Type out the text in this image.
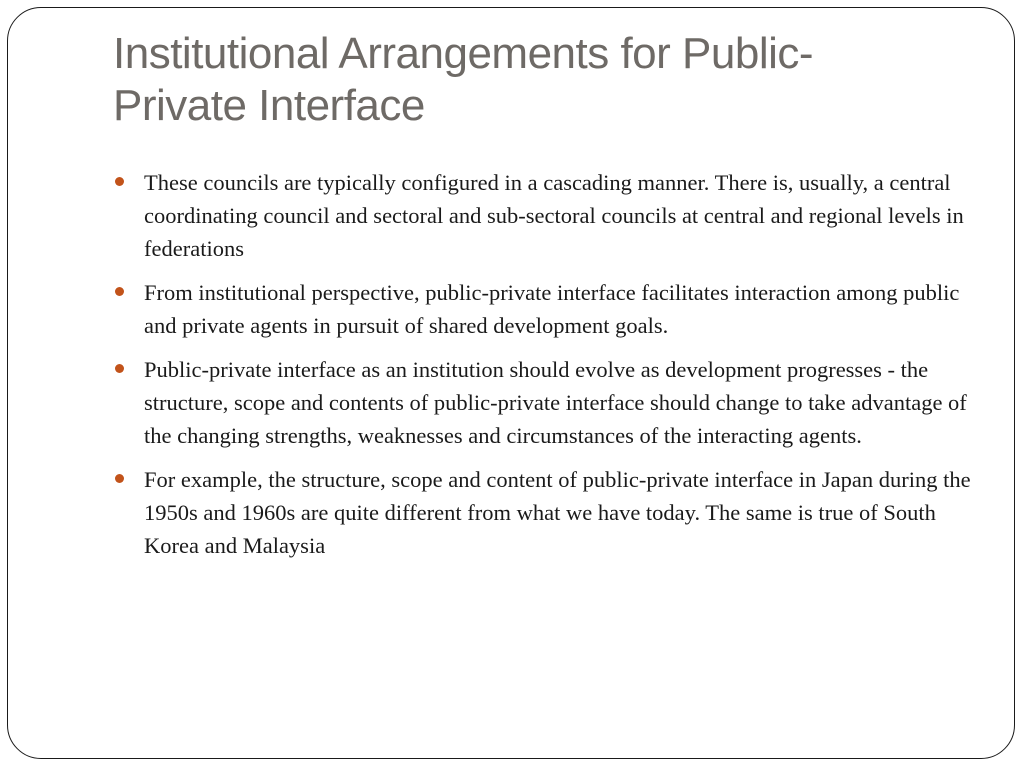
Institutional Arrangements for Public-Private Interface
These councils are typically configured in a cascading manner. There is, usually, a central coordinating council and sectoral and sub-sectoral councils at central and regional levels in federations
From institutional perspective, public-private interface facilitates interaction among public and private agents in pursuit of shared development goals.
Public-private interface as an institution should evolve as development progresses - the structure, scope and contents of public-private interface should change to take advantage of the changing strengths, weaknesses and circumstances of the interacting agents.
For example, the structure, scope and content of public-private interface in Japan during the 1950s and 1960s are quite different from what we have today. The same is true of South Korea and Malaysia
